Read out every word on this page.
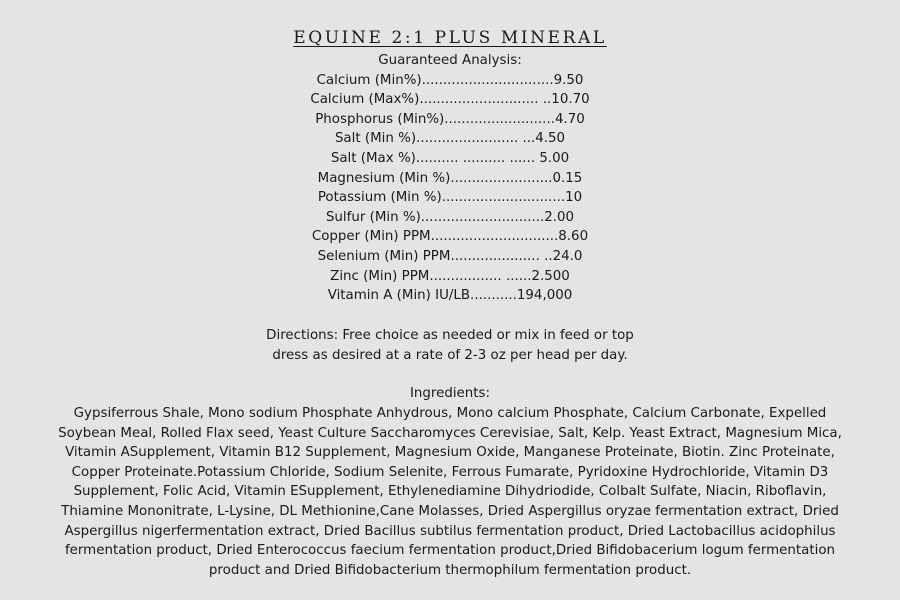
EQUINE 2:1 PLUS MINERAL
Guaranteed Analysis:
Calcium (Min%)...............................9.50
Calcium (Max%)............................ ..10.70
Phosphorus (Min%)..........................4.70
Salt (Min %)........................ ...4.50
Salt (Max %).......... .......... ...... 5.00
Magnesium (Min %)........................0.15
Potassium (Min %).............................10
Sulfur (Min %).............................2.00
Copper (Min) PPM..............................8.60
Selenium (Min) PPM..................... ..24.0
Zinc (Min) PPM................. ......2.500
Vitamin A (Min) IU/LB...........194,000
Directions: Free choice as needed or mix in feed or top
dress as desired at a rate of 2-3 oz per head per day.
Ingredients:
Gypsiferrous Shale, Mono sodium Phosphate Anhydrous, Mono calcium Phosphate, Calcium Carbonate, Expelled
Soybean Meal, Rolled Flax seed, Yeast Culture Saccharomyces Cerevisiae, Salt, Kelp. Yeast Extract, Magnesium Mica,
Vitamin ASupplement, Vitamin B12 Supplement, Magnesium Oxide, Manganese Proteinate, Biotin. Zinc Proteinate,
Copper Proteinate.Potassium Chloride, Sodium Selenite, Ferrous Fumarate, Pyridoxine Hydrochloride, Vitamin D3
Supplement, Folic Acid, Vitamin ESupplement, Ethylenediamine Dihydriodide, Colbalt Sulfate, Niacin, Riboflavin,
Thiamine Mononitrate, L-Lysine, DL Methionine,Cane Molasses, Dried Aspergillus oryzae fermentation extract, Dried
Aspergillus nigerfermentation extract, Dried Bacillus subtilus fermentation product, Dried Lactobacillus acidophilus
fermentation product, Dried Enterococcus faecium fermentation product,Dried Bifidobacerium logum fermentation
product and Dried Bifidobacterium thermophilum fermentation product.
